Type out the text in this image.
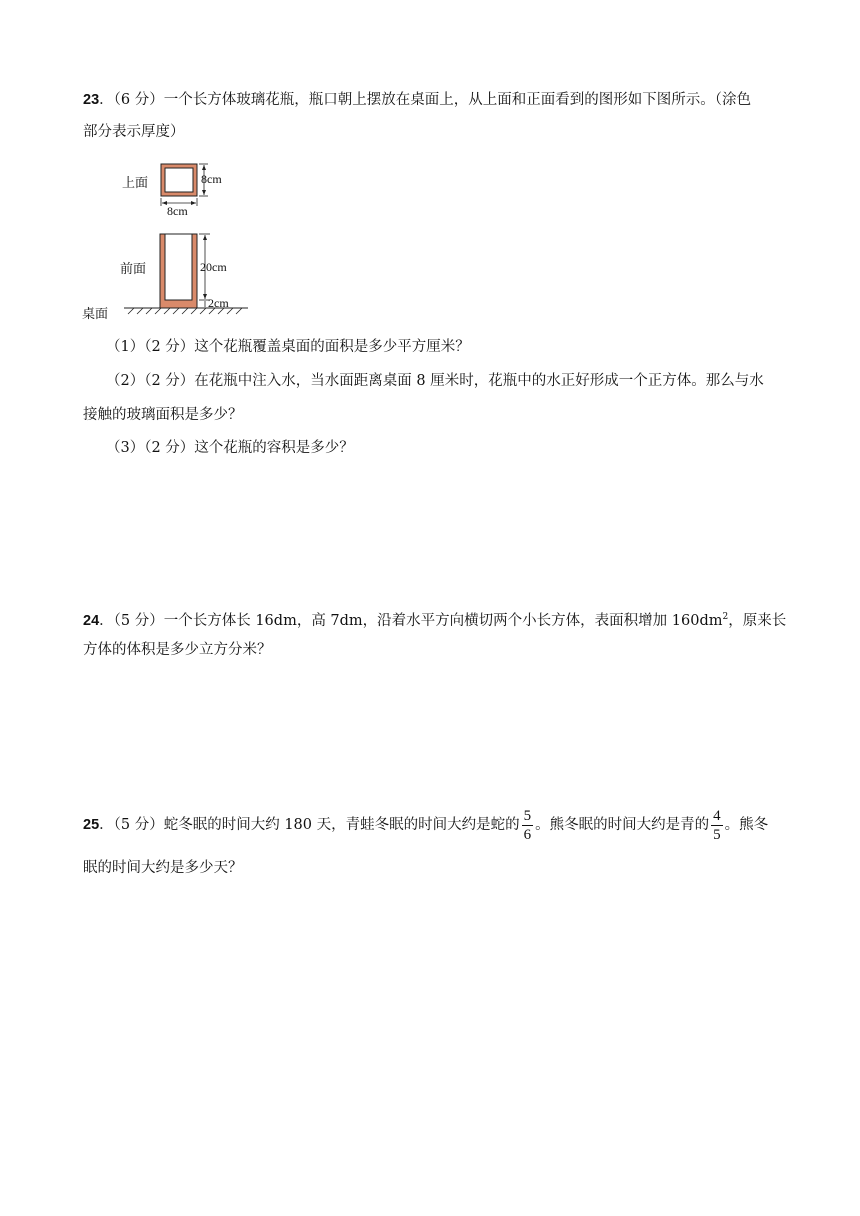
23．（6 分）一个长方体玻璃花瓶，瓶口朝上摆放在桌面上，从上面和正面看到的图形如下图所示。（涂色
部分表示厚度）
上面
前面
桌面
8cm
8cm
20cm
2cm
（1）（2 分）这个花瓶覆盖桌面的面积是多少平方厘米？
（2）（2 分）在花瓶中注入水，当水面距离桌面 8 厘米时，花瓶中的水正好形成一个正方体。那么与水
接触的玻璃面积是多少？
（3）（2 分）这个花瓶的容积是多少？
24．（5 分）一个长方体长 16dm，高 7dm，沿着水平方向横切两个小长方体，表面积增加 $160dm^2$，原来长
方体的体积是多少立方分米？
25．（5 分）蛇冬眠的时间大约 180 天，青蛙冬眠的时间大约是蛇的 $\frac{5}{6}$ 。熊冬眠的时间大约是青的 $\frac{4}{5}$ 。熊冬
眠的时间大约是多少天？
